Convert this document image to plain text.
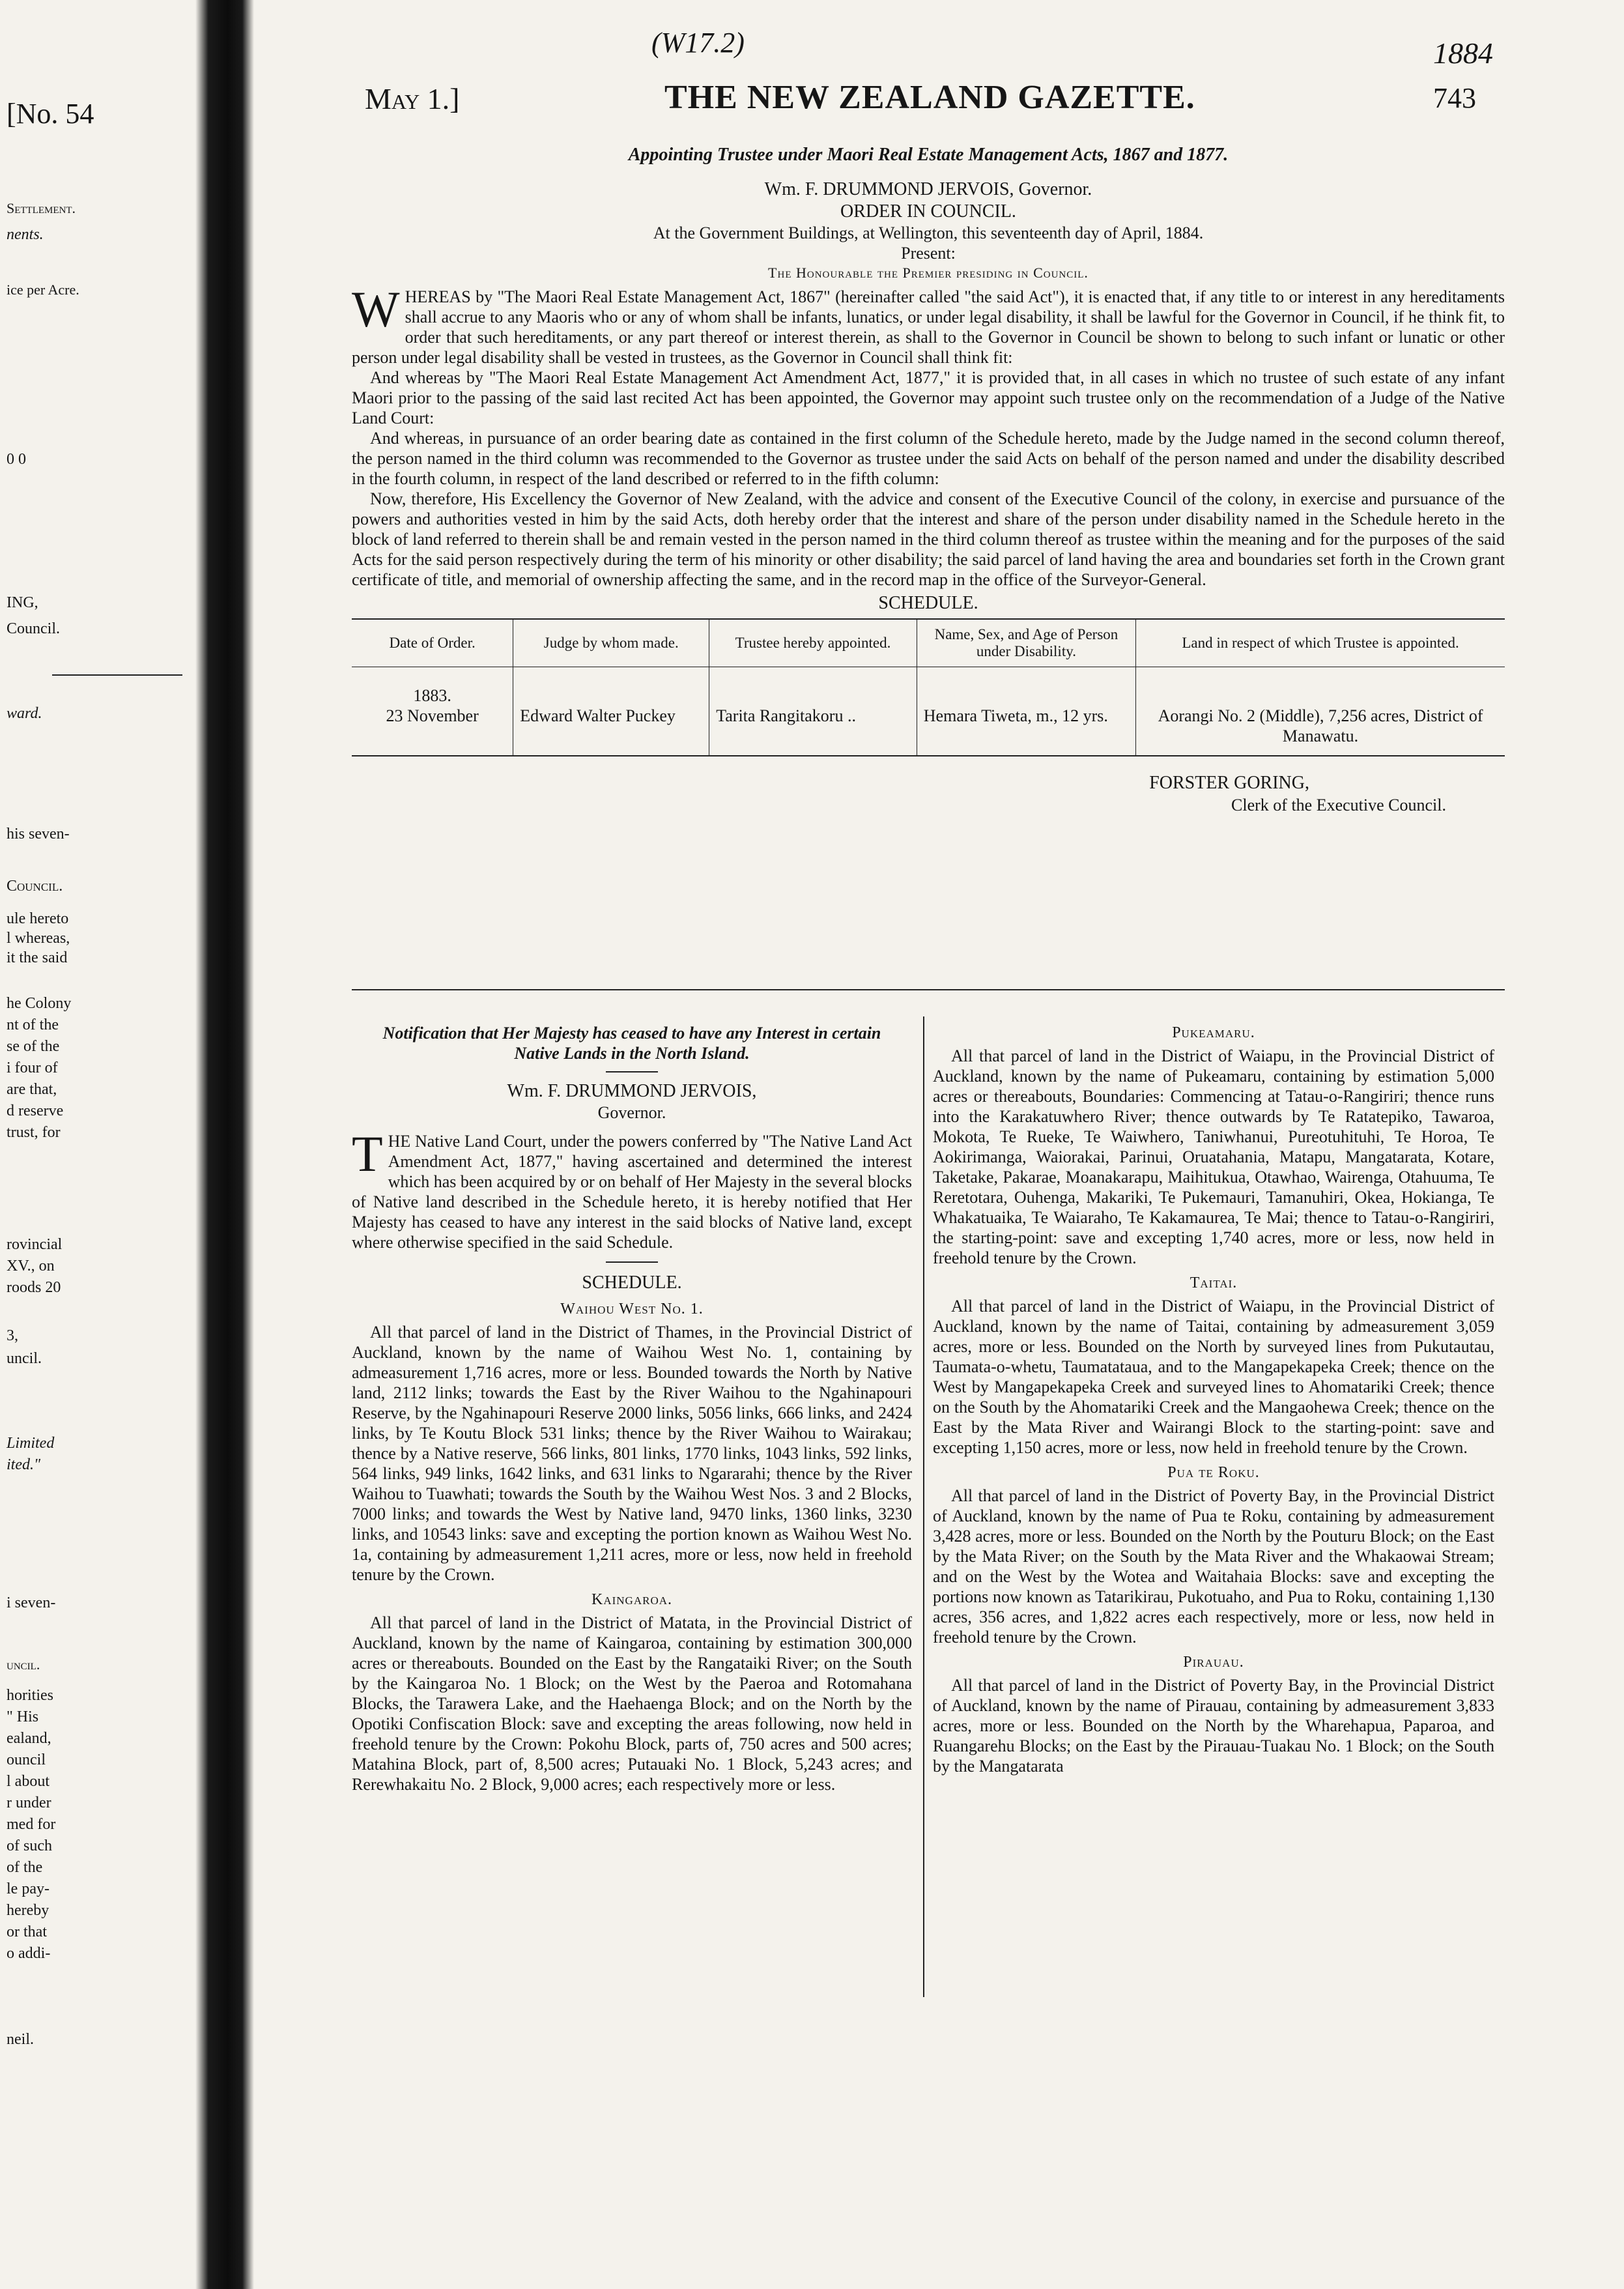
[No. 54
Settlement.
nents.
ice per Acre.
0 0
ING,
Council.
ward.
his seven-
Council.
ule hereto
l whereas,
it the said
he Colony
nt of the
se of the
i four of
are that,
d reserve
trust, for
rovincial
XV., on
roods 20
3,
uncil.
Limited
ited."
i seven-
uncil.
horities
" His
ealand,
ouncil
l about
r under
med for
of such
of the
le pay-
hereby
or that
o addi-
neil.
(W17.2)	1884
May 1.]	THE NEW ZEALAND GAZETTE.	743
Appointing Trustee under Maori Real Estate Management Acts, 1867 and 1877.
Wm. F. DRUMMOND JERVOIS, Governor.
ORDER IN COUNCIL.
At the Government Buildings, at Wellington, this seventeenth day of April, 1884.
Present:
The Honourable the Premier presiding in Council.
W HEREAS by "The Maori Real Estate Management Act, 1867" (hereinafter called "the said Act"), it is enacted that, if any title to or interest in any hereditaments shall accrue to any Maoris who or any of whom shall be infants, lunatics, or under legal disability, it shall be lawful for the Governor in Council, if he think fit, to order that such hereditaments, or any part thereof or interest therein, as shall to the Governor in Council be shown to belong to such infant or lunatic or other person under legal disability shall be vested in trustees, as the Governor in Council shall think fit:

And whereas by "The Maori Real Estate Management Act Amendment Act, 1877," it is provided that, in all cases in which no trustee of such estate of any infant Maori prior to the passing of the said last recited Act has been appointed, the Governor may appoint such trustee only on the recommendation of a Judge of the Native Land Court:

And whereas, in pursuance of an order bearing date as contained in the first column of the Schedule hereto, made by the Judge named in the second column thereof, the person named in the third column was recommended to the Governor as trustee under the said Acts on behalf of the person named and under the disability described in the fourth column, in respect of the land described or referred to in the fifth column:

Now, therefore, His Excellency the Governor of New Zealand, with the advice and consent of the Executive Council of the colony, in exercise and pursuance of the powers and authorities vested in him by the said Acts, doth hereby order that the interest and share of the person under disability named in the Schedule hereto in the block of land referred to therein shall be and remain vested in the person named in the third column thereof as trustee within the meaning and for the purposes of the said Acts for the said person respectively during the term of his minority or other disability; the said parcel of land having the area and boundaries set forth in the Crown grant certificate of title, and memorial of ownership affecting the same, and in the record map in the office of the Surveyor-General.

SCHEDULE.
Date of Order.	Judge by whom made.	Trustee hereby appointed.	Name, Sex, and Age of Person under Disability.	Land in respect of which Trustee is appointed.

1883.
23 November	Edward Walter Puckey	Tarita Rangitakoru ..	Hemara Tiweta, m., 12 yrs.	Aorangi No. 2 (Middle), 7,256 acres, District of Manawatu.
FORSTER GORING,
Clerk of the Executive Council.
Notification that Her Majesty has ceased to have any Interest in certain Native Lands in the North Island.
Wm. F. DRUMMOND JERVOIS,
Governor.
T HE Native Land Court, under the powers conferred by "The Native Land Act Amendment Act, 1877," having ascertained and determined the interest which has been acquired by or on behalf of Her Majesty in the several blocks of Native land described in the Schedule hereto, it is hereby notified that Her Majesty has ceased to have any interest in the said blocks of Native land, except where otherwise specified in the said Schedule.

SCHEDULE.
Waihou West No. 1.

All that parcel of land in the District of Thames, in the Provincial District of Auckland, known by the name of Waihou West No. 1, containing by admeasurement 1,716 acres, more or less. Bounded towards the North by Native land, 2112 links; towards the East by the River Waihou to the Ngahinapouri Reserve, by the Ngahinapouri Reserve 2000 links, 5056 links, 666 links, and 2424 links, by Te Koutu Block 531 links; thence by the River Waihou to Wairakau; thence by a Native reserve, 566 links, 801 links, 1770 links, 1043 links, 592 links, 564 links, 949 links, 1642 links, and 631 links to Ngararahi; thence by the River Waihou to Tuawhati; towards the South by the Waihou West Nos. 3 and 2 Blocks, 7000 links; and towards the West by Native land, 9470 links, 1360 links, 3230 links, and 10543 links: save and excepting the portion known as Waihou West No. 1a, containing by admeasurement 1,211 acres, more or less, now held in freehold tenure by the Crown.

Kaingaroa.

All that parcel of land in the District of Matata, in the Provincial District of Auckland, known by the name of Kaingaroa, containing by estimation 300,000 acres or thereabouts. Bounded on the East by the Rangataiki River; on the South by the Kaingaroa No. 1 Block; on the West by the Paeroa and Rotomahana Blocks, the Tarawera Lake, and the Haehaenga Block; and on the North by the Opotiki Confiscation Block: save and excepting the areas following, now held in freehold tenure by the Crown: Pokohu Block, parts of, 750 acres and 500 acres; Matahina Block, part of, 8,500 acres; Putauaki No. 1 Block, 5,243 acres; and Rerewhakaitu No. 2 Block, 9,000 acres; each respectively more or less.

Pukeamaru.

All that parcel of land in the District of Waiapu, in the Provincial District of Auckland, known by the name of Pukeamaru, containing by estimation 5,000 acres or thereabouts, Boundaries: Commencing at Tatau-o-Rangiriri; thence runs into the Karakatuwhero River; thence outwards by Te Ratatepiko, Tawaroa, Mokota, Te Rueke, Te Waiwhero, Taniwhanui, Pureotuhituhi, Te Horoa, Te Aokirimanga, Waiorakai, Parinui, Oruatahania, Matapu, Mangatarata, Kotare, Taketake, Pakarae, Moanakarapu, Maihitukua, Otawhao, Wairenga, Otahuuma, Te Reretotara, Ouhenga, Makariki, Te Pukemauri, Tamanuhiri, Okea, Hokianga, Te Whakatuaika, Te Waiaraho, Te Kakamaurea, Te Mai; thence to Tatau-o-Rangiriri, the starting-point: save and excepting 1,740 acres, more or less, now held in freehold tenure by the Crown.

Taitai.

All that parcel of land in the District of Waiapu, in the Provincial District of Auckland, known by the name of Taitai, containing by admeasurement 3,059 acres, more or less. Bounded on the North by surveyed lines from Pukutautau, Taumata-o-whetu, Taumatataua, and to the Mangapekapeka Creek; thence on the West by Mangapekapeka Creek and surveyed lines to Ahomatariki Creek; thence on the South by the Ahomatariki Creek and the Mangaohewa Creek; thence on the East by the Mata River and Wairangi Block to the starting-point: save and excepting 1,150 acres, more or less, now held in freehold tenure by the Crown.

Pua te Roku.

All that parcel of land in the District of Poverty Bay, in the Provincial District of Auckland, known by the name of Pua te Roku, containing by admeasurement 3,428 acres, more or less. Bounded on the North by the Pouturu Block; on the East by the Mata River; on the South by the Mata River and the Whakaowai Stream; and on the West by the Wotea and Waitahaia Blocks: save and excepting the portions now known as Tatarikirau, Pukotuaho, and Pua to Roku, containing 1,130 acres, 356 acres, and 1,822 acres each respectively, more or less, now held in freehold tenure by the Crown.

Pirauau.

All that parcel of land in the District of Poverty Bay, in the Provincial District of Auckland, known by the name of Pirauau, containing by admeasurement 3,833 acres, more or less. Bounded on the North by the Wharehapua, Paparoa, and Ruangarehu Blocks; on the East by the Pirauau-Tuakau No. 1 Block; on the South by the Mangatarata
